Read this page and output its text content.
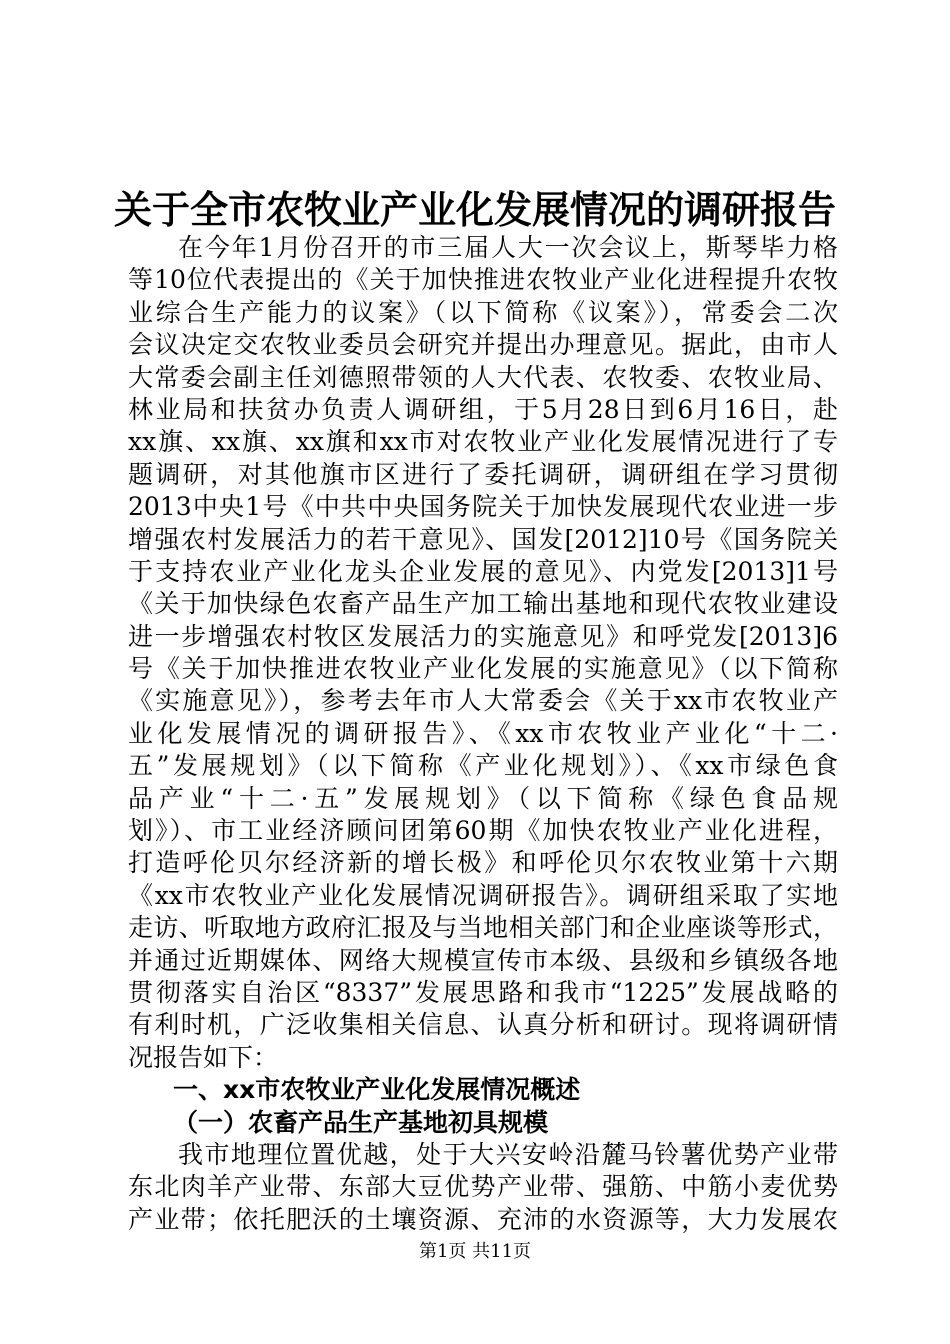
关于全市农牧业产业化发展情况的调研报告
在今年1月份召开的市三届人大一次会议上，斯琴毕力格
等10位代表提出的《关于加快推进农牧业产业化进程提升农牧
业综合生产能力的议案》（以下简称《议案》），常委会二次
会议决定交农牧业委员会研究并提出办理意见。据此，由市人
大常委会副主任刘德照带领的人大代表、农牧委、农牧业局、
林业局和扶贫办负责人调研组，于5月28日到6月16日，赴
xx旗、xx旗、xx旗和xx市对农牧业产业化发展情况进行了专
题调研，对其他旗市区进行了委托调研，调研组在学习贯彻
2013中央1号《中共中央国务院关于加快发展现代农业进一步
增强农村发展活力的若干意见》、国发[2012]10号《国务院关
于支持农业产业化龙头企业发展的意见》、内党发[2013]1号
《关于加快绿色农畜产品生产加工输出基地和现代农牧业建设
进一步增强农村牧区发展活力的实施意见》和呼党发[2013]6
号《关于加快推进农牧业产业化发展的实施意见》（以下简称
《实施意见》），参考去年市人大常委会《关于xx市农牧业产
业化发展情况的调研报告》、《xx市农牧业产业化“十二·
五”发展规划》（以下简称《产业化规划》）、《xx市绿色食
品产业“十二·五”发展规划》（以下简称《绿色食品规
划》）、市工业经济顾问团第60期《加快农牧业产业化进程，
打造呼伦贝尔经济新的增长极》和呼伦贝尔农牧业第十六期
《xx市农牧业产业化发展情况调研报告》。调研组采取了实地
走访、听取地方政府汇报及与当地相关部门和企业座谈等形式，
并通过近期媒体、网络大规模宣传市本级、县级和乡镇级各地
贯彻落实自治区“8337”发展思路和我市“1225”发展战略的
有利时机，广泛收集相关信息、认真分析和研讨。现将调研情
况报告如下：
一、xx市农牧业产业化发展情况概述
（一）农畜产品生产基地初具规模
我市地理位置优越，处于大兴安岭沿麓马铃薯优势产业带
东北肉羊产业带、东部大豆优势产业带、强筋、中筋小麦优势
产业带；依托肥沃的土壤资源、充沛的水资源等，大力发展农
第1页 共11页
